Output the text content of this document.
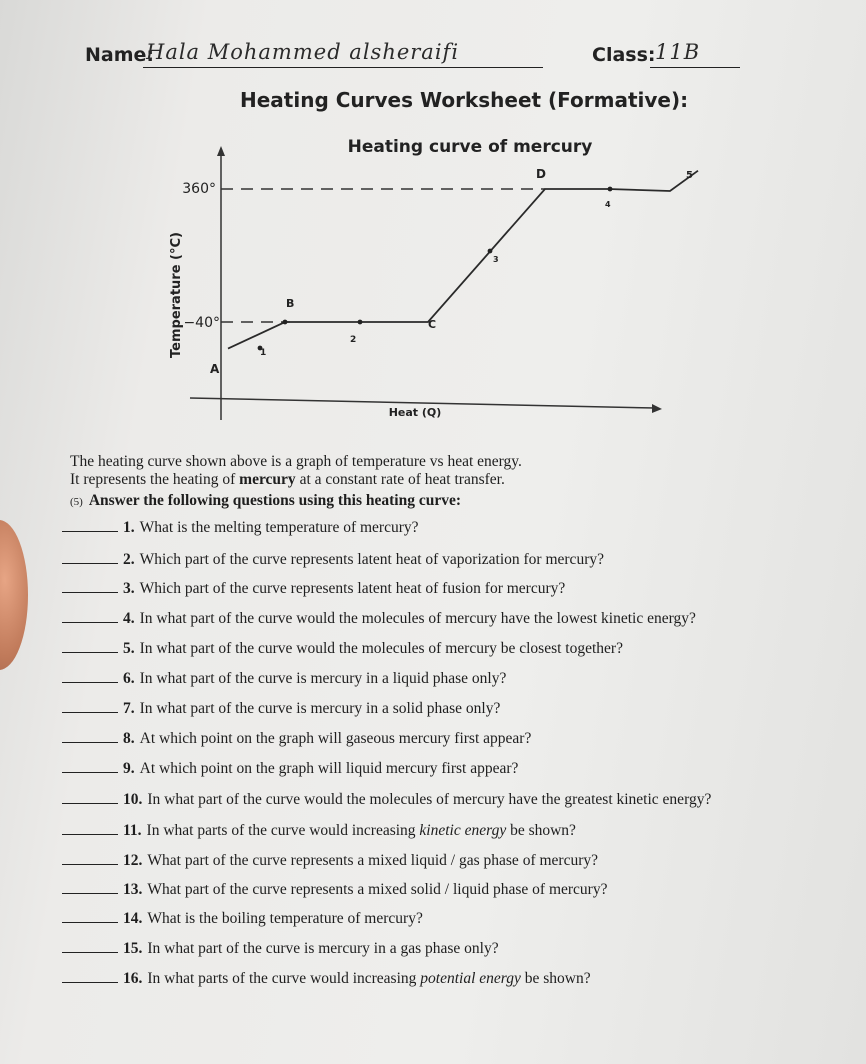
Name:
Hala Mohammed alsheraifi	Class: 11B
Heating Curves Worksheet (Formative):
Heating curve of mercury
Temperature (°C)
Heat (Q)
360°
−40°
A
B
C
D
1
2
3
4
5
The heating curve shown above is a graph of temperature vs heat energy.
It represents the heating of mercury at a constant rate of heat transfer.
(5) Answer the following questions using this heating curve:
1. What is the melting temperature of mercury?
2. Which part of the curve represents latent heat of vaporization for mercury?
3. Which part of the curve represents latent heat of fusion for mercury?
4. In what part of the curve would the molecules of mercury have the lowest kinetic energy?
5. In what part of the curve would the molecules of mercury be closest together?
6. In what part of the curve is mercury in a liquid phase only?
7. In what part of the curve is mercury in a solid phase only?
8. At which point on the graph will gaseous mercury first appear?
9. At which point on the graph will liquid mercury first appear?
10. In what part of the curve would the molecules of mercury have the greatest kinetic energy?
11. In what parts of the curve would increasing kinetic energy be shown?
12. What part of the curve represents a mixed liquid / gas phase of mercury?
13. What part of the curve represents a mixed solid / liquid phase of mercury?
14. What is the boiling temperature of mercury?
15. In what part of the curve is mercury in a gas phase only?
16. In what parts of the curve would increasing potential energy be shown?
